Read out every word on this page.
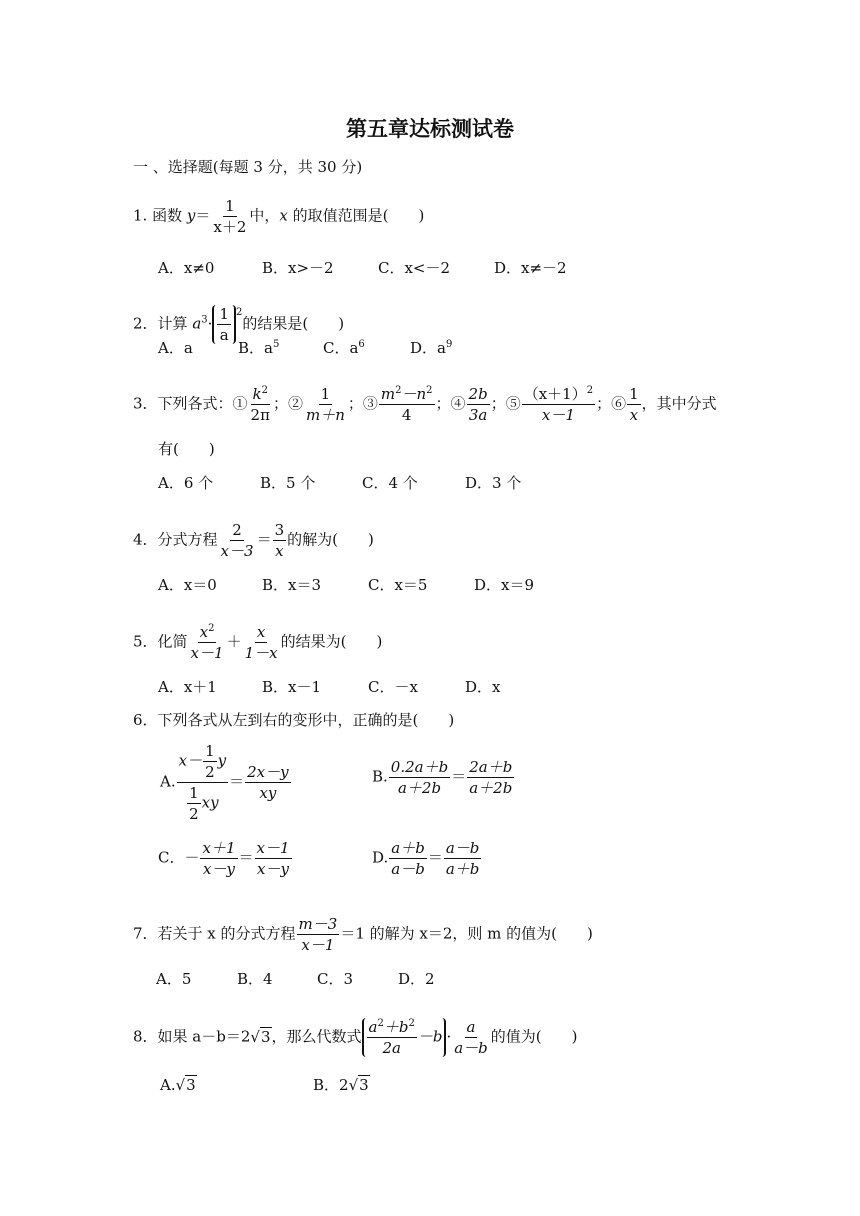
第五章达标测试卷
一 、选择题(每题 3 分，共 30 分)
1. 函数 $y= \frac{1}{x+2}$ 中，x 的取值范围是(　　)
A．x≠0	B．x>－2	C．x<－2	D．x≠－2
2．计算 $a^3\cdot \frac{1}{a} ^2$的结果是(　　)
A．a	B．$a^5$	C．$a^6$	D．$a^9$
3．下列各式：① $\frac{k^2}{2\pi}$ ；② $\frac{1}{m+n}$ ；③ $\frac{m^2-n^2}{4}$ ；④ $\frac{2b}{3a}$ ；⑤ $\frac{(x+1)^2}{x-1}$ ；⑥ $\frac{1}{x}$ ，其中分式
有(　　)
A．6 个	B．5 个	C．4 个	D．3 个
4．分式方程 $\frac{2}{x-3} = \frac{3}{x}$ 的解为(　　)
A．x＝0	B．x＝3	C．x＝5	D．x＝9
5．化简 $\frac{x^2}{x-1} + \frac{x}{1-x}$ 的结果为(　　)
A．x＋1	B．x－1	C．－x	D．x
6．下列各式从左到右的变形中，正确的是(　　)
A. $\frac{x- \frac{1}{2} y}{\frac{1}{2} xy} = \frac{2x-y}{xy}$	B. $\frac{0.2a+b}{a+2b} = \frac{2a+b}{a+2b}$
C．－ $\frac{x+1}{x-y} = \frac{x-1}{x-y}$	D. $\frac{a+b}{a-b} = \frac{a-b}{a+b}$
7．若关于 x 的分式方程 $\frac{m-3}{x-1} =1$ 的解为 x＝2，则 m 的值为(　　)
A．5	B．4	C．3	D．2
8．如果 a－b＝2√3，那么代数式 $\frac{a^2+b^2}{2a} -b \cdot \frac{a}{a-b}$ 的值为(　　)
A.√3	B．2√3
